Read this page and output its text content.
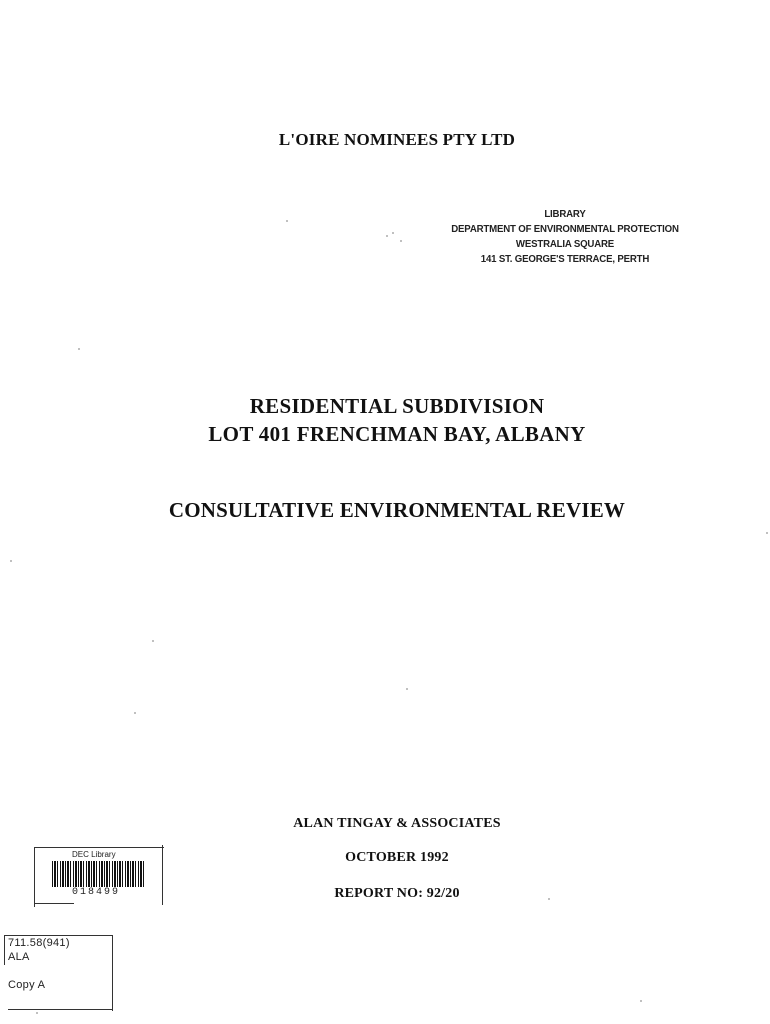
L'OIRE NOMINEES PTY LTD
LIBRARY
DEPARTMENT OF ENVIRONMENTAL PROTECTION
WESTRALIA SQUARE
141 ST. GEORGE'S TERRACE, PERTH
RESIDENTIAL SUBDIVISION
LOT 401 FRENCHMAN BAY, ALBANY
CONSULTATIVE ENVIRONMENTAL REVIEW
ALAN TINGAY & ASSOCIATES
OCTOBER 1992
REPORT NO: 92/20
DEC Library
018499
711.58(941)
ALA
Copy A
